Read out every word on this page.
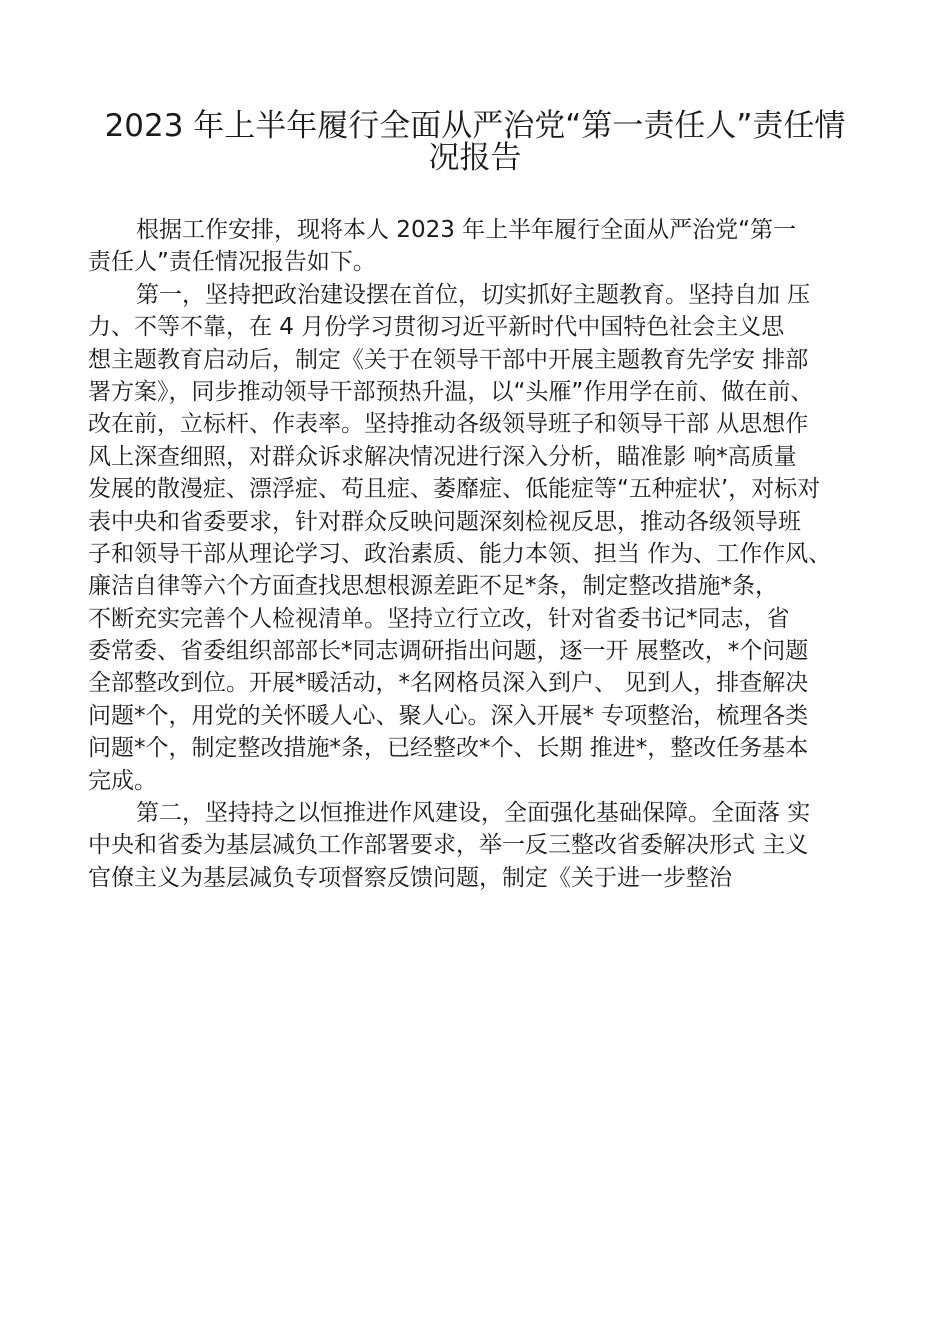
2023 年上半年履行全面从严治党“第一责任人”责任情
况报告
根据工作安排，现将本人 2023 年上半年履行全面从严治党“第一
责任人”责任情况报告如下。
第一，坚持把政治建设摆在首位，切实抓好主题教育。坚持自加 压
力、不等不靠，在 4 月份学习贯彻习近平新时代中国特色社会主义思
想主题教育启动后，制定《关于在领导干部中开展主题教育先学安 排部
署方案》，同步推动领导干部预热升温，以“头雁”作用学在前、做在前、
改在前，立标杆、作表率。坚持推动各级领导班子和领导干部 从思想作
风上深查细照，对群众诉求解决情况进行深入分析，瞄准影 响*高质量
发展的散漫症、漂浮症、苟且症、萎靡症、低能症等“五种症状’，对标对
表中央和省委要求，针对群众反映问题深刻检视反思，推动各级领导班
子和领导干部从理论学习、政治素质、能力本领、担当 作为、工作作风、
廉洁自律等六个方面查找思想根源差距不足*条，制定整改措施*条，
不断充实完善个人检视清单。坚持立行立改，针对省委书记*同志，省
委常委、省委组织部部长*同志调研指出问题，逐一开 展整改，*个问题
全部整改到位。开展*暖活动，*名网格员深入到户、 见到人，排查解决
问题*个，用党的关怀暖人心、聚人心。深入开展* 专项整治，梳理各类
问题*个，制定整改措施*条，已经整改*个、长期 推进*，整改任务基本
完成。
第二，坚持持之以恒推进作风建设，全面强化基础保障。全面落 实
中央和省委为基层减负工作部署要求，举一反三整改省委解决形式 主义
官僚主义为基层减负专项督察反馈问题，制定《关于进一步整治
